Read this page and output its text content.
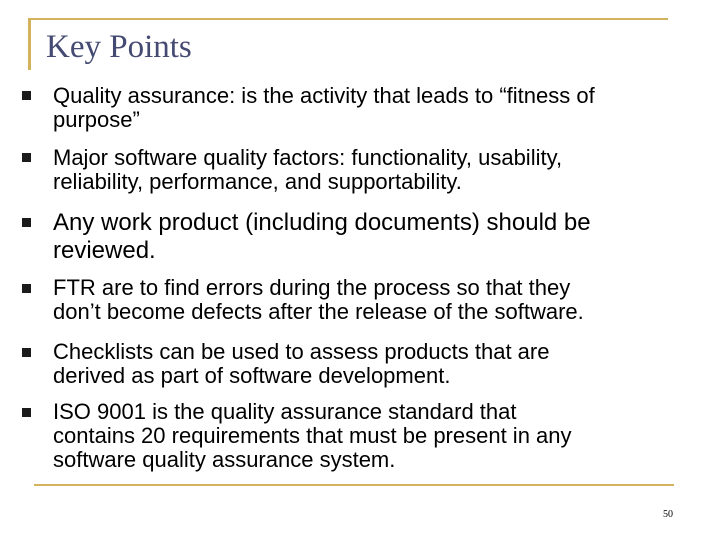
Key Points
Quality assurance: is the activity that leads to “fitness of
purpose”
Major software quality factors: functionality, usability,
reliability, performance, and supportability.
Any work product (including documents) should be
reviewed.
FTR are to find errors during the process so that they
don’t become defects after the release of the software.
Checklists can be used to assess products that are
derived as part of software development.
ISO 9001 is the quality assurance standard that
contains 20 requirements that must be present in any
software quality assurance system.
50
